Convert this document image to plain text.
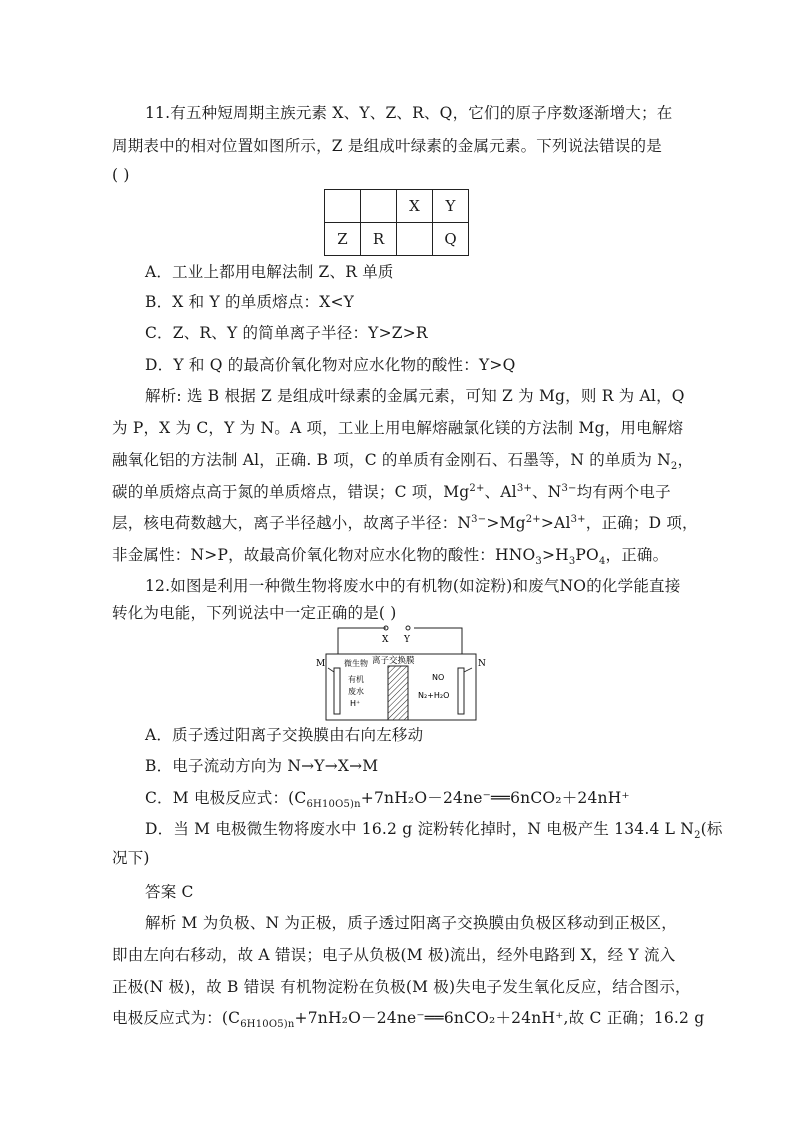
11.有五种短周期主族元素 X、Y、Z、R、Q，它们的原子序数逐渐增大；在
周期表中的相对位置如图所示，Z 是组成叶绿素的金属元素。下列说法错误的是
( )
		X	Y
Z	R		Q
A．工业上都用电解法制 Z、R 单质
B．X 和 Y 的单质熔点：X<Y
C．Z、R、Y 的简单离子半径：Y>Z>R
D．Y 和 Q 的最高价氧化物对应水化物的酸性：Y>Q
解析: 选 B 根据 Z 是组成叶绿素的金属元素，可知 Z 为 Mg，则 R 为 Al，Q
为 P，X 为 C，Y 为 N。A 项，工业上用电解熔融氯化镁的方法制 Mg，用电解熔
融氧化铝的方法制 Al，正确. B 项，C 的单质有金刚石、石墨等，N 的单质为 $N_2$，
碳的单质熔点高于氮的单质熔点，错误；C 项，$Mg^{2+}$、$Al^{3+}$、$N^{3-}$均有两个电子
层，核电荷数越大，离子半径越小，故离子半径：$N^{3-}>Mg^{2+}>Al^{3+}$，正确；D 项，
非金属性：N>P，故最高价氧化物对应水化物的酸性：$HNO_3>H_3PO_4$，正确。
12.如图是利用一种微生物将废水中的有机物(如淀粉)和废气NO的化学能直接
转化为电能，下列说法中一定正确的是( )
X Y
M	N
离子交换膜
微生物
有机
废水
H⁺
NO
N₂+H₂O
A．质子透过阳离子交换膜由右向左移动
B．电子流动方向为 N→Y→X→M
C．M 电极反应式：($C_{6H10O5)n}+7nH_2O-24ne^-══6nCO_2+24nH^+$
D．当 M 电极微生物将废水中 16.2 g 淀粉转化掉时，N 电极产生 134.4 L $N_2$(标
况下)
答案 C
解析 M 为负极、N 为正极，质子透过阳离子交换膜由负极区移动到正极区，
即由左向右移动，故 A 错误；电子从负极(M 极)流出，经外电路到 X，经 Y 流入
正极(N 极)，故 B 错误 有机物淀粉在负极(M 极)失电子发生氧化反应，结合图示，
电极反应式为：($C_{6H10O5)n}+7nH_2O-24ne^-══6nCO_2+24nH^+$,故 C 正确；16.2 g
